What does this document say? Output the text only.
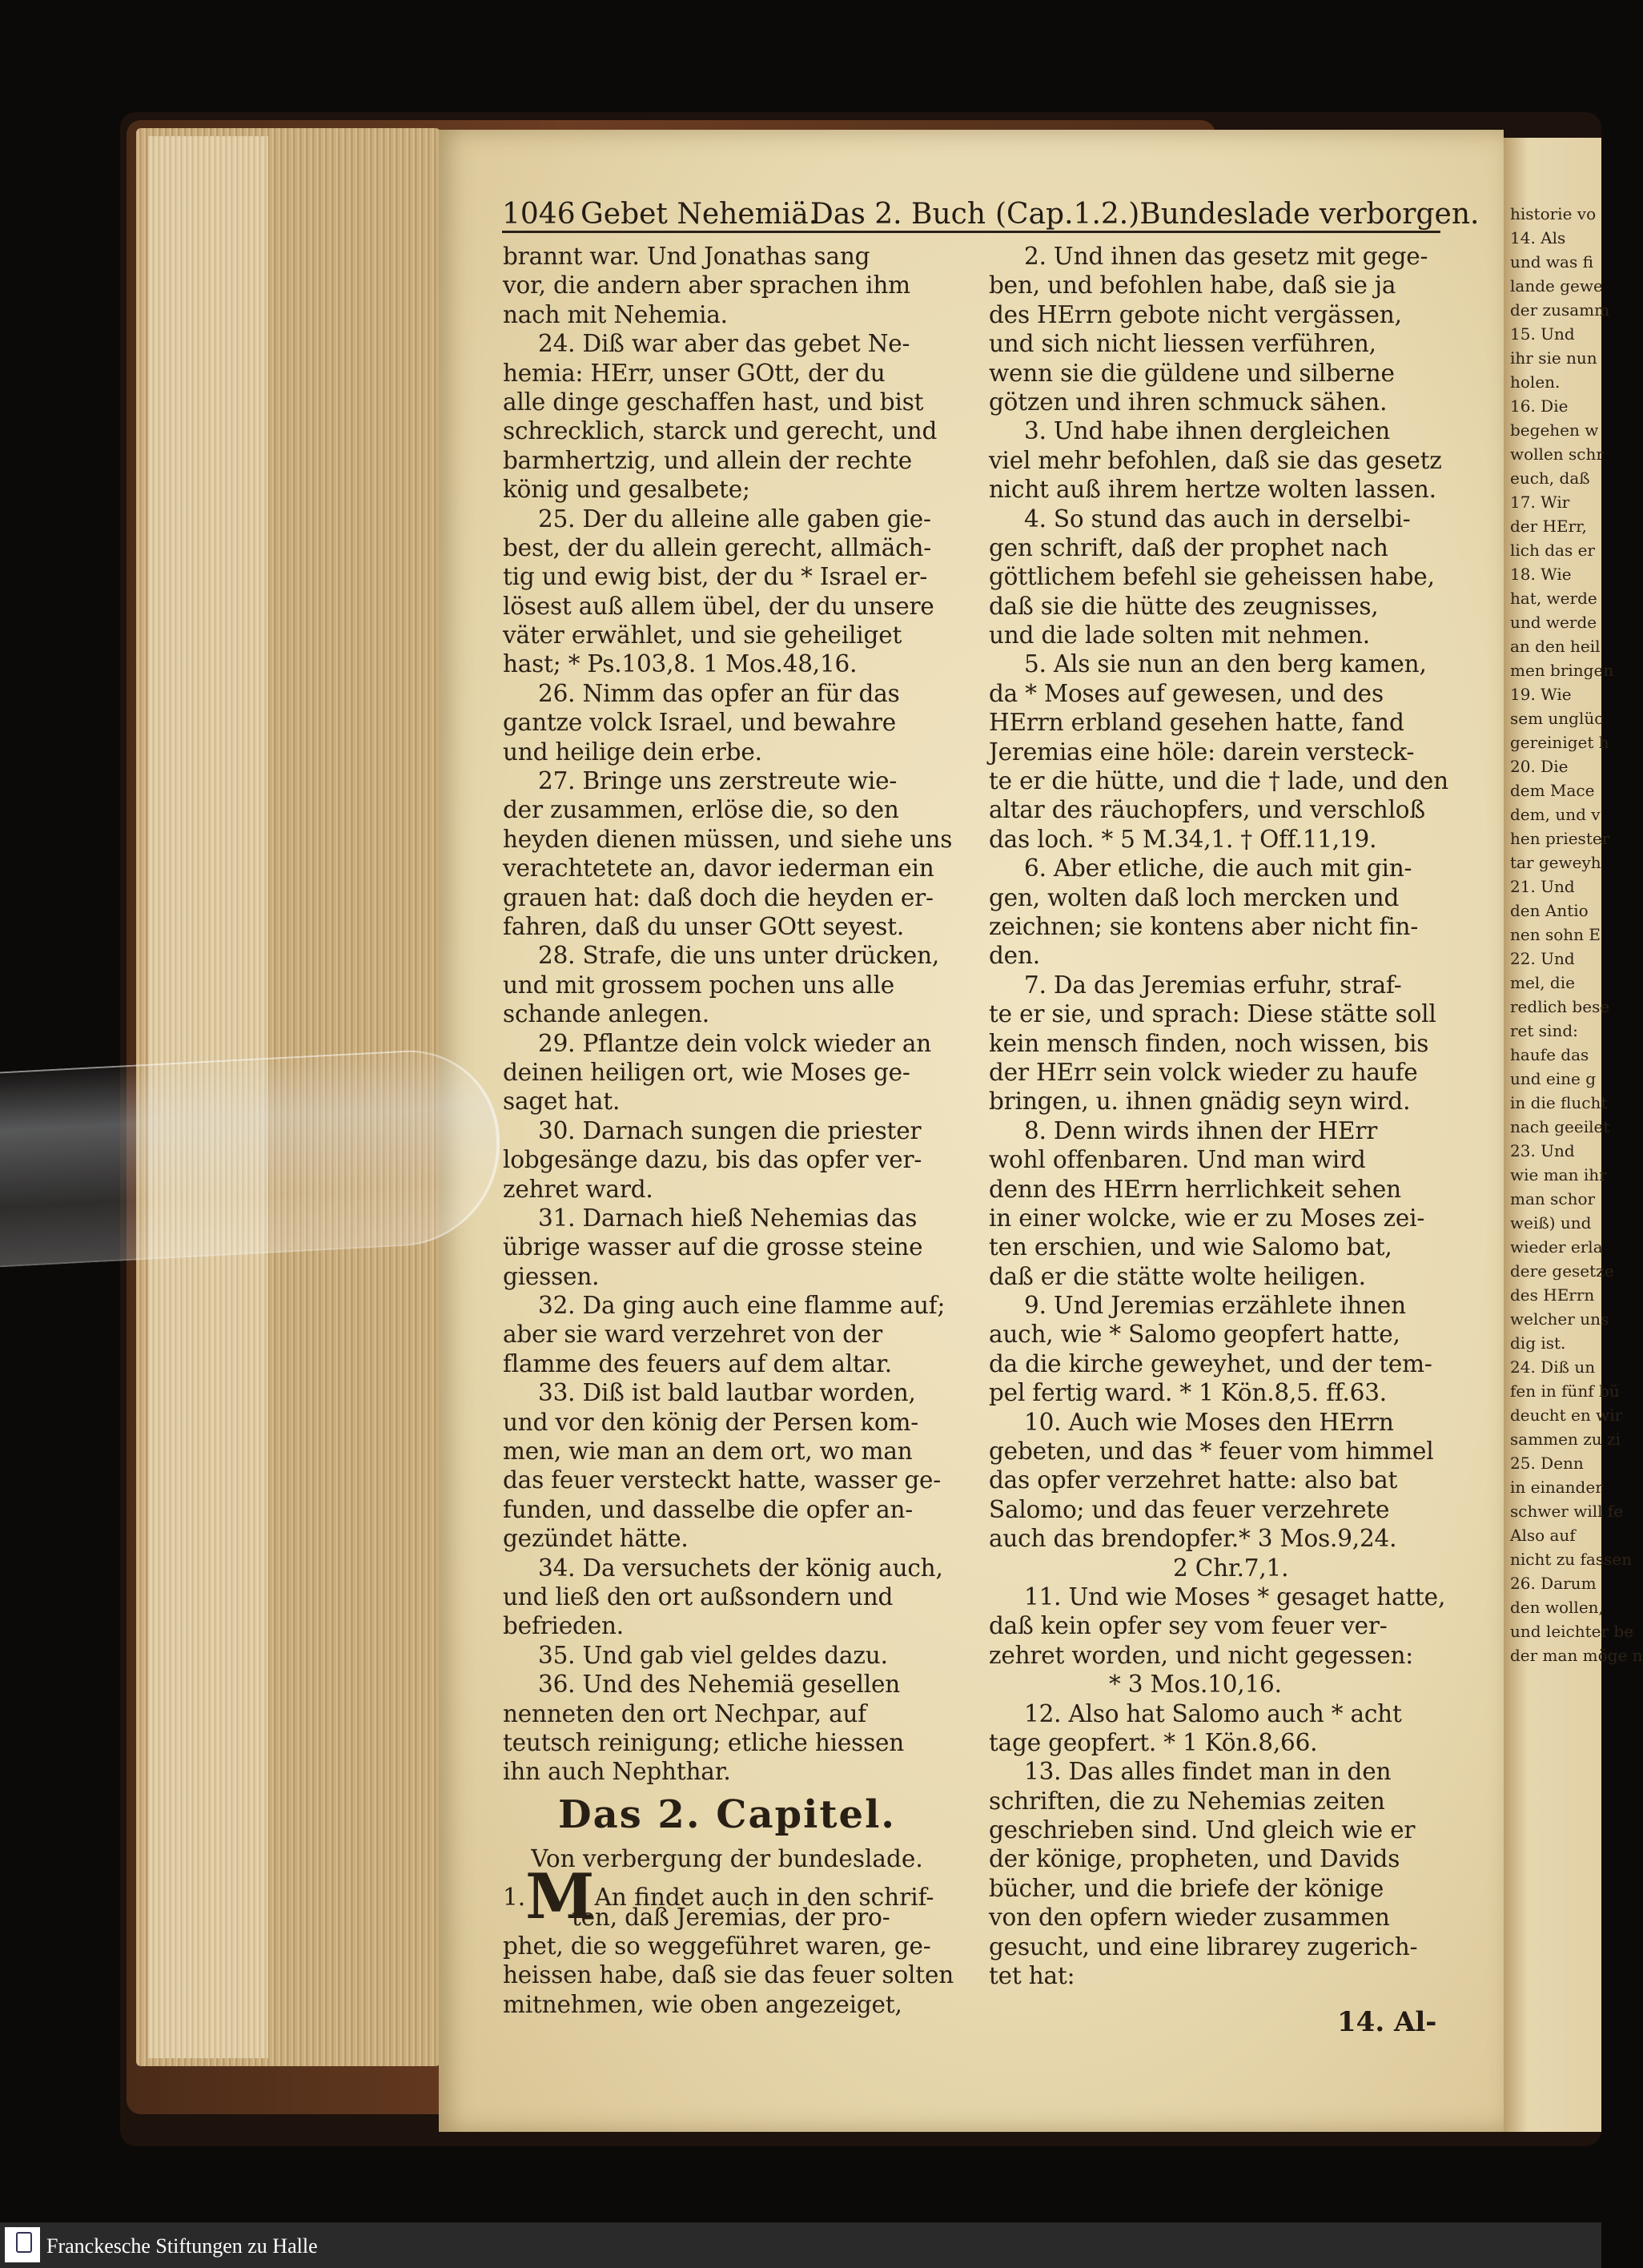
historie vo
14. Als
und was fi
lande gewe
der zusamm
15. Und
ihr sie nun
holen.
16. Die
begehen w
wollen schr
euch, daß
17. Wir
der HErr,
lich das er
18. Wie
hat, werde
und werde
an den heil
men bringen
19. Wie
sem unglüc
gereiniget h
20. Die
dem Mace
dem, und v
hen priester
tar geweyh
21. Und
den Antio
nen sohn E
22. Und
mel, die
redlich bese
ret sind:
haufe das
und eine g
in die flucht
nach geeilet
23. Und
wie man ihr
man schor
weiß) und
wieder erla
dere gesetze
des HErrn
welcher uns
dig ist.
24. Diß un
fen in fünf bü
deucht en wir
sammen zu zi
25. Denn
in einander
schwer will fe
Also auf
nicht zu fassen
26. Darum
den wollen,
und leichter be
der man möge n
1046 Gebet Nehemiä.
Das 2. Buch (Cap.1.2.)Bundeslade verborgen.
brannt war. Und Jonathas sang
vor, die andern aber sprachen ihm
nach mit Nehemia.
24. Diß war aber das gebet Ne-
hemia: HErr, unser GOtt, der du
alle dinge geschaffen hast, und bist
schrecklich, starck und gerecht, und
barmhertzig, und allein der rechte
könig und gesalbete;
25. Der du alleine alle gaben gie-
best, der du allein gerecht, allmäch-
tig und ewig bist, der du * Israel er-
lösest auß allem übel, der du unsere
väter erwählet, und sie geheiliget
hast; * Ps.103,8. 1 Mos.48,16.
26. Nimm das opfer an für das
gantze volck Israel, und bewahre
und heilige dein erbe.
27. Bringe uns zerstreute wie-
der zusammen, erlöse die, so den
heyden dienen müssen, und siehe uns
verachtetete an, davor iederman ein
grauen hat: daß doch die heyden er-
fahren, daß du unser GOtt seyest.
28. Strafe, die uns unter drücken,
und mit grossem pochen uns alle
schande anlegen.
29. Pflantze dein volck wieder an
deinen heiligen ort, wie Moses ge-
saget hat.
30. Darnach sungen die priester
lobgesänge dazu, bis das opfer ver-
zehret ward.
31. Darnach hieß Nehemias das
übrige wasser auf die grosse steine
giessen.
32. Da ging auch eine flamme auf;
aber sie ward verzehret von der
flamme des feuers auf dem altar.
33. Diß ist bald lautbar worden,
und vor den könig der Persen kom-
men, wie man an dem ort, wo man
das feuer versteckt hatte, wasser ge-
funden, und dasselbe die opfer an-
gezündet hätte.
34. Da versuchets der könig auch,
und ließ den ort außsondern und
befrieden.
35. Und gab viel geldes dazu.
36. Und des Nehemiä gesellen
nenneten den ort Nechpar, auf
teutsch reinigung; etliche hiessen
ihn auch Nephthar.
Das 2. Capitel.
Von verbergung der bundeslade.
1.MAn findet auch in den schrif-
ten, daß Jeremias, der pro-
phet, die so weggeführet waren, ge-
heissen habe, daß sie das feuer solten
mitnehmen, wie oben angezeiget,
2. Und ihnen das gesetz mit gege-
ben, und befohlen habe, daß sie ja
des HErrn gebote nicht vergässen,
und sich nicht liessen verführen,
wenn sie die güldene und silberne
götzen und ihren schmuck sähen.
3. Und habe ihnen dergleichen
viel mehr befohlen, daß sie das gesetz
nicht auß ihrem hertze wolten lassen.
4. So stund das auch in derselbi-
gen schrift, daß der prophet nach
göttlichem befehl sie geheissen habe,
daß sie die hütte des zeugnisses,
und die lade solten mit nehmen.
5. Als sie nun an den berg kamen,
da * Moses auf gewesen, und des
HErrn erbland gesehen hatte, fand
Jeremias eine höle: darein versteck-
te er die hütte, und die † lade, und den
altar des räuchopfers, und verschloß
das loch. * 5 M.34,1. † Off.11,19.
6. Aber etliche, die auch mit gin-
gen, wolten daß loch mercken und
zeichnen; sie kontens aber nicht fin-
den.
7. Da das Jeremias erfuhr, straf-
te er sie, und sprach: Diese stätte soll
kein mensch finden, noch wissen, bis
der HErr sein volck wieder zu haufe
bringen, u. ihnen gnädig seyn wird.
8. Denn wirds ihnen der HErr
wohl offenbaren. Und man wird
denn des HErrn herrlichkeit sehen
in einer wolcke, wie er zu Moses zei-
ten erschien, und wie Salomo bat,
daß er die stätte wolte heiligen.
9. Und Jeremias erzählete ihnen
auch, wie * Salomo geopfert hatte,
da die kirche geweyhet, und der tem-
pel fertig ward. * 1 Kön.8,5. ff.63.
10. Auch wie Moses den HErrn
gebeten, und das * feuer vom himmel
das opfer verzehret hatte: also bat
Salomo; und das feuer verzehrete
auch das brendopfer.* 3 Mos.9,24.
2 Chr.7,1.
11. Und wie Moses * gesaget hatte,
daß kein opfer sey vom feuer ver-
zehret worden, und nicht gegessen:
* 3 Mos.10,16.
12. Also hat Salomo auch * acht
tage geopfert. * 1 Kön.8,66.
13. Das alles findet man in den
schriften, die zu Nehemias zeiten
geschrieben sind. Und gleich wie er
der könige, propheten, und Davids
bücher, und die briefe der könige
von den opfern wieder zusammen
gesucht, und eine librarey zugerich-
tet hat:
14. Al-
Franckesche Stiftungen zu Halle
